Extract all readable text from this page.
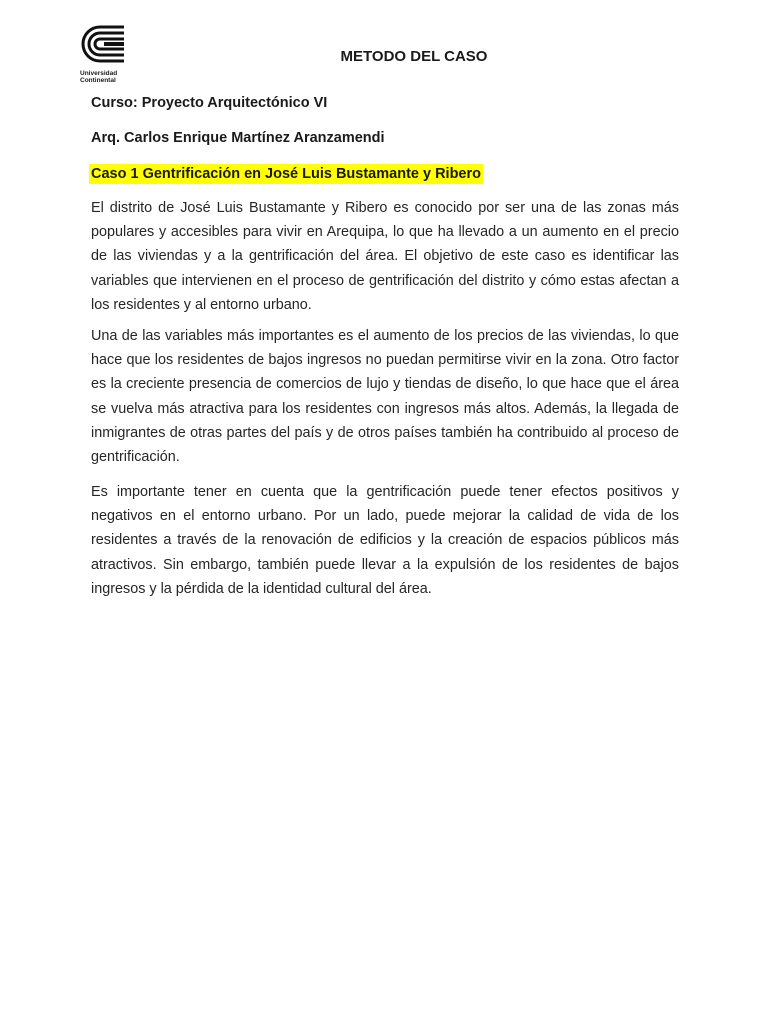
Universidad
Continental
METODO DEL CASO
Curso: Proyecto Arquitectónico VI
Arq. Carlos Enrique Martínez Aranzamendi
Caso 1 Gentrificación en José Luis Bustamante y Ribero

El distrito de José Luis Bustamante y Ribero es conocido por ser una de las zonas más populares y accesibles para vivir en Arequipa, lo que ha llevado a un aumento en el precio de las viviendas y a la gentrificación del área. El objetivo de este caso es identificar las variables que intervienen en el proceso de gentrificación del distrito y cómo estas afectan a los residentes y al entorno urbano.

Una de las variables más importantes es el aumento de los precios de las viviendas, lo que hace que los residentes de bajos ingresos no puedan permitirse vivir en la zona. Otro factor es la creciente presencia de comercios de lujo y tiendas de diseño, lo que hace que el área se vuelva más atractiva para los residentes con ingresos más altos. Además, la llegada de inmigrantes de otras partes del país y de otros países también ha contribuido al proceso de gentrificación.

Es importante tener en cuenta que la gentrificación puede tener efectos positivos y negativos en el entorno urbano. Por un lado, puede mejorar la calidad de vida de los residentes a través de la renovación de edificios y la creación de espacios públicos más atractivos. Sin embargo, también puede llevar a la expulsión de los residentes de bajos ingresos y la pérdida de la identidad cultural del área.
